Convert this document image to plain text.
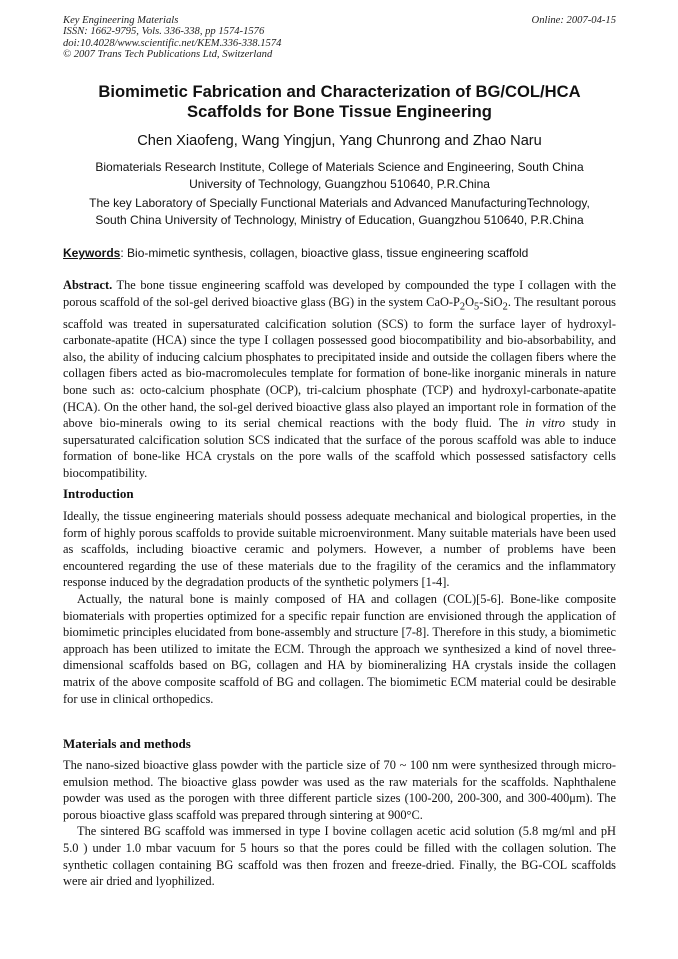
Key Engineering Materials
ISSN: 1662-9795, Vols. 336-338, pp 1574-1576
doi:10.4028/www.scientific.net/KEM.336-338.1574
© 2007 Trans Tech Publications Ltd, Switzerland
Online: 2007-04-15
Biomimetic Fabrication and Characterization of BG/COL/HCA
Scaffolds for Bone Tissue Engineering
Chen Xiaofeng, Wang Yingjun, Yang Chunrong and Zhao Naru
Biomaterials Research Institute, College of Materials Science and Engineering, South China
University of Technology, Guangzhou 510640, P.R.China
The key Laboratory of Specially Functional Materials and Advanced ManufacturingTechnology,
South China University of Technology, Ministry of Education, Guangzhou 510640, P.R.China
Keywords: Bio-mimetic synthesis, collagen, bioactive glass, tissue engineering scaffold

Abstract. The bone tissue engineering scaffold was developed by compounded the type I collagen with the porous scaffold of the sol-gel derived bioactive glass (BG) in the system CaO-$P_2O_5-SiO_2$. The resultant porous scaffold was treated in supersaturated calcification solution (SCS) to form the surface layer of hydroxyl-carbonate-apatite (HCA) since the type I collagen possessed good biocompatibility and bio-absorbability, and also, the ability of inducing calcium phosphates to precipitated inside and outside the collagen fibers where the collagen fibers acted as bio-macromolecules template for formation of bone-like inorganic minerals in nature bone such as: octo-calcium phosphate (OCP), tri-calcium phosphate (TCP) and hydroxyl-carbonate-apatite (HCA). On the other hand, the sol-gel derived bioactive glass also played an important role in formation of the above bio-minerals owing to its serial chemical reactions with the body fluid. The in vitro study in supersaturated calcification solution SCS indicated that the surface of the porous scaffold was able to induce formation of bone-like HCA crystals on the pore walls of the scaffold which possessed satisfactory cells biocompatibility.

Introduction

Ideally, the tissue engineering materials should possess adequate mechanical and biological properties, in the form of highly porous scaffolds to provide suitable microenvironment. Many suitable materials have been used as scaffolds, including bioactive ceramic and polymers. However, a number of problems have been encountered regarding the use of these materials due to the fragility of the ceramics and the inflammatory response induced by the degradation products of the synthetic polymers [1-4].

Actually, the natural bone is mainly composed of HA and collagen (COL)[5-6]. Bone-like composite biomaterials with properties optimized for a specific repair function are envisioned through the application of biomimetic principles elucidated from bone-assembly and structure [7-8]. Therefore in this study, a biomimetic approach has been utilized to imitate the ECM. Through the approach we synthesized a kind of novel three-dimensional scaffolds based on BG, collagen and HA by biomineralizing HA crystals inside the collagen matrix of the above composite scaffold of BG and collagen. The biomimetic ECM material could be desirable for use in clinical orthopedics.

Materials and methods

The nano-sized bioactive glass powder with the particle size of 70 ~ 100 nm were synthesized through micro-emulsion method. The bioactive glass powder was used as the raw materials for the scaffolds. Naphthalene powder was used as the porogen with three different particle sizes (100-200, 200-300, and 300-400μm). The porous bioactive glass scaffold was prepared through sintering at 900°C.

The sintered BG scaffold was immersed in type I bovine collagen acetic acid solution (5.8 mg/ml and pH 5.0 ) under 1.0 mbar vacuum for 5 hours so that the pores could be filled with the collagen solution. The synthetic collagen containing BG scaffold was then frozen and freeze-dried. Finally, the BG-COL scaffolds were air dried and lyophilized.
